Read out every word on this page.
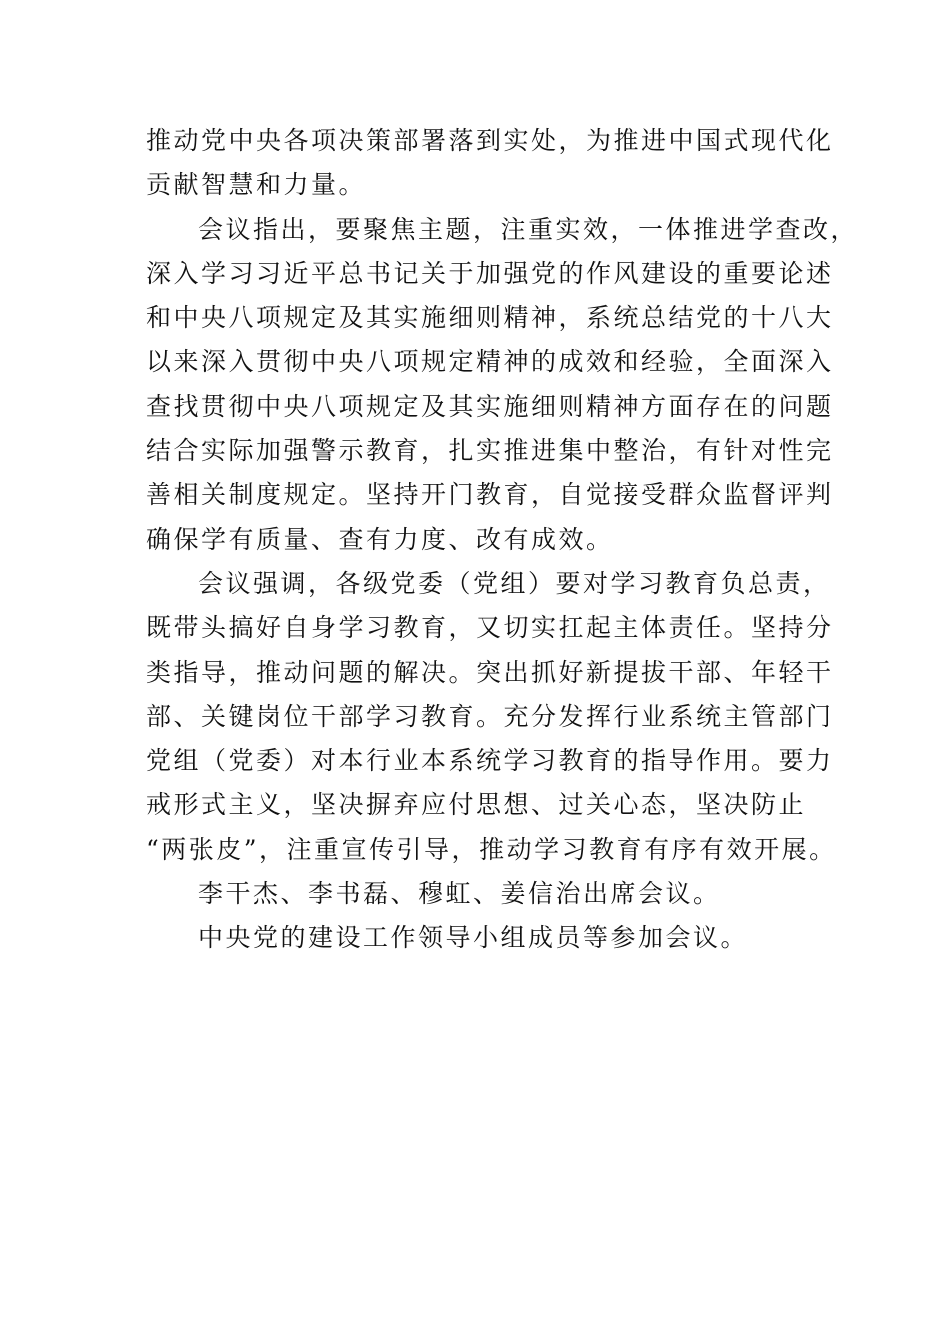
推动党中央各项决策部署落到实处，为推进中国式现代化
贡献智慧和力量。
会议指出，要聚焦主题，注重实效，一体推进学查改，
深入学习习近平总书记关于加强党的作风建设的重要论述
和中央八项规定及其实施细则精神，系统总结党的十八大
以来深入贯彻中央八项规定精神的成效和经验，全面深入
查找贯彻中央八项规定及其实施细则精神方面存在的问题
结合实际加强警示教育，扎实推进集中整治，有针对性完
善相关制度规定。坚持开门教育，自觉接受群众监督评判
确保学有质量、查有力度、改有成效。
会议强调，各级党委（党组）要对学习教育负总责，
既带头搞好自身学习教育，又切实扛起主体责任。坚持分
类指导，推动问题的解决。突出抓好新提拔干部、年轻干
部、关键岗位干部学习教育。充分发挥行业系统主管部门
党组（党委）对本行业本系统学习教育的指导作用。要力
戒形式主义，坚决摒弃应付思想、过关心态，坚决防止
“两张皮”，注重宣传引导，推动学习教育有序有效开展。
李干杰、李书磊、穆虹、姜信治出席会议。
中央党的建设工作领导小组成员等参加会议。
